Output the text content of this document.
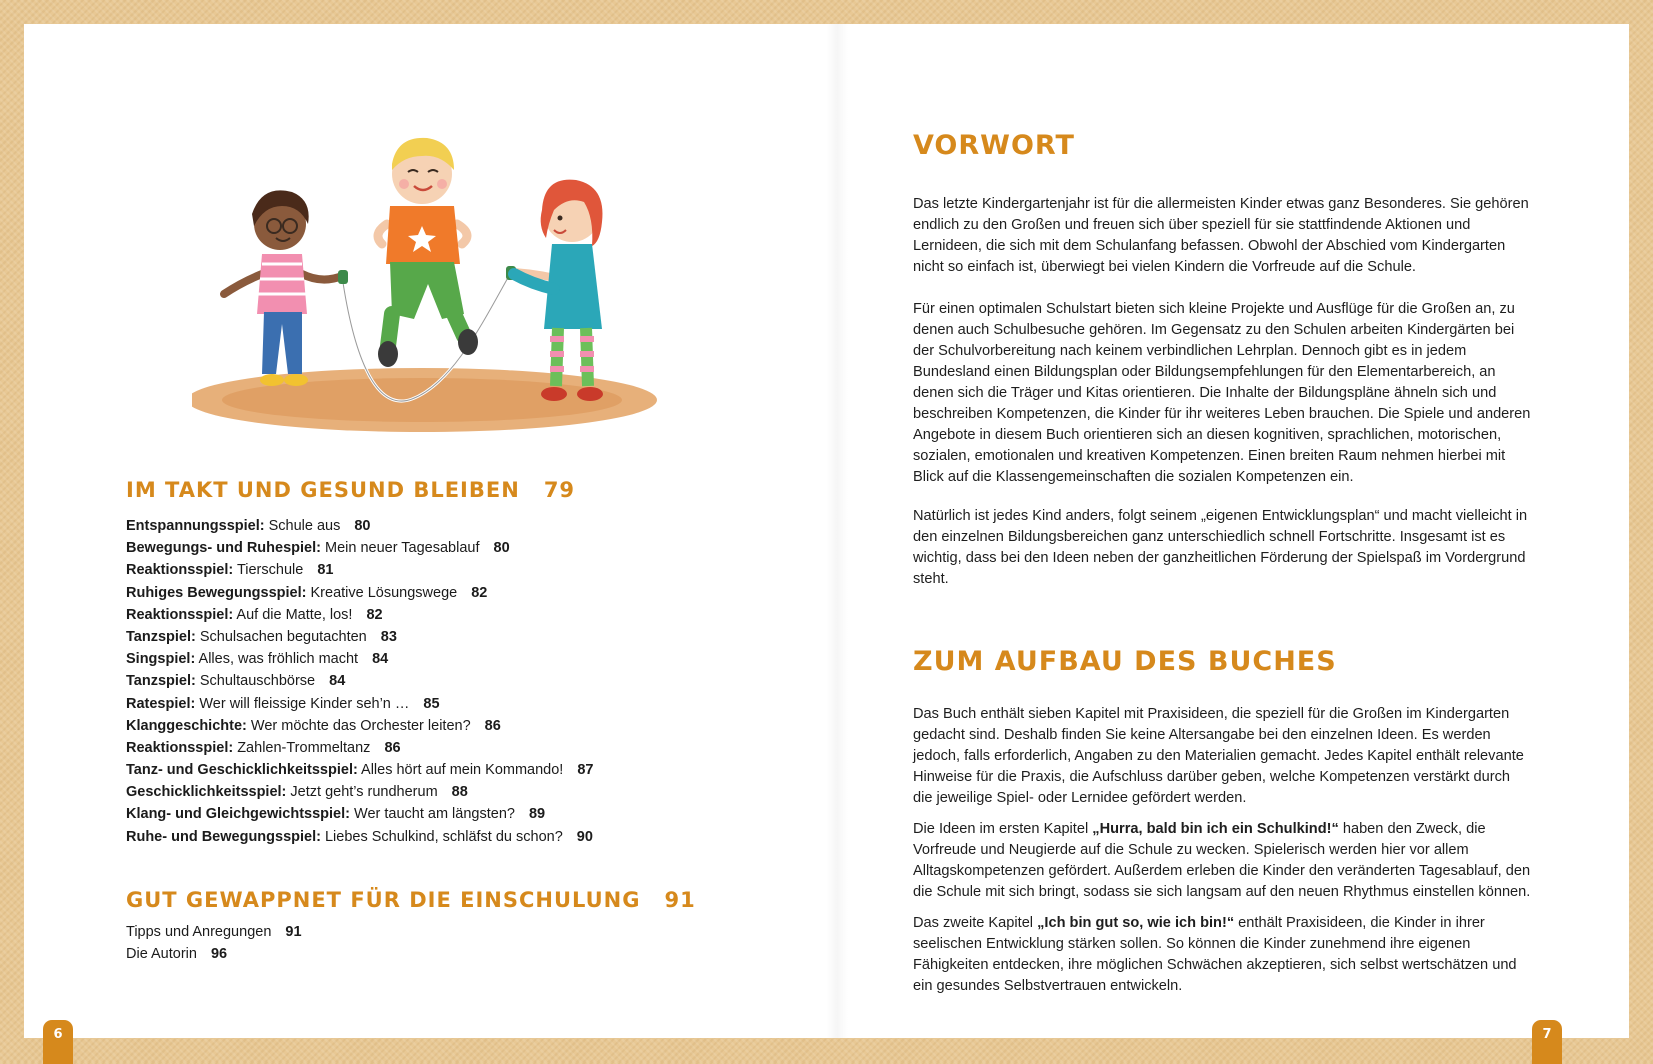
IM TAKT UND GESUND BLEIBEN 79
Entspannungsspiel: Schule aus 80
Bewegungs- und Ruhespiel: Mein neuer Tagesablauf 80
Reaktionsspiel: Tierschule 81
Ruhiges Bewegungsspiel: Kreative Lösungswege 82
Reaktionsspiel: Auf die Matte, los! 82
Tanzspiel: Schulsachen begutachten 83
Singspiel: Alles, was fröhlich macht 84
Tanzspiel: Schultauschbörse 84
Ratespiel: Wer will fleissige Kinder seh’n … 85
Klanggeschichte: Wer möchte das Orchester leiten? 86
Reaktionsspiel: Zahlen-Trommeltanz 86
Tanz- und Geschicklichkeitsspiel: Alles hört auf mein Kommando! 87
Geschicklichkeitsspiel: Jetzt geht’s rundherum 88
Klang- und Gleichgewichtsspiel: Wer taucht am längsten? 89
Ruhe- und Bewegungsspiel: Liebes Schulkind, schläfst du schon? 90
GUT GEWAPPNET FÜR DIE EINSCHULUNG 91
Tipps und Anregungen 91
Die Autorin 96
VORWORT

Das letzte Kindergartenjahr ist für die allermeisten Kinder etwas ganz Besonderes. Sie gehören endlich zu den Großen und freuen sich über speziell für sie stattfindende Aktionen und Lernideen, die sich mit dem Schulanfang befassen. Obwohl der Abschied vom Kindergarten nicht so einfach ist, überwiegt bei vielen Kindern die Vorfreude auf die Schule.

Für einen optimalen Schulstart bieten sich kleine Projekte und Ausflüge für die Großen an, zu denen auch Schulbesuche gehören. Im Gegensatz zu den Schulen arbeiten Kindergärten bei der Schulvorbereitung nach keinem verbindlichen Lehrplan. Dennoch gibt es in jedem Bundesland einen Bildungsplan oder Bildungsempfehlungen für den Elementarbereich, an denen sich die Träger und Kitas orientieren. Die Inhalte der Bildungspläne ähneln sich und beschreiben Kompetenzen, die Kinder für ihr weiteres Leben brauchen. Die Spiele und anderen Angebote in diesem Buch orientieren sich an diesen kognitiven, sprachlichen, motorischen, sozialen, emotionalen und kreativen Kompetenzen. Einen breiten Raum nehmen hierbei mit Blick auf die Klassengemeinschaften die sozialen Kompetenzen ein.

Natürlich ist jedes Kind anders, folgt seinem „eigenen Entwicklungsplan“ und macht vielleicht in den einzelnen Bildungsbereichen ganz unterschiedlich schnell Fortschritte. Insgesamt ist es wichtig, dass bei den Ideen neben der ganzheitlichen Förderung der Spielspaß im Vordergrund steht.

ZUM AUFBAU DES BUCHES

Das Buch enthält sieben Kapitel mit Praxisideen, die speziell für die Großen im Kindergarten gedacht sind. Deshalb finden Sie keine Altersangabe bei den einzelnen Ideen. Es werden jedoch, falls erforderlich, Angaben zu den Materialien gemacht. Jedes Kapitel enthält relevante Hinweise für die Praxis, die Aufschluss darüber geben, welche Kompetenzen verstärkt durch die jeweilige Spiel- oder Lernidee gefördert werden.

Die Ideen im ersten Kapitel „Hurra, bald bin ich ein Schulkind!“ haben den Zweck, die Vorfreude und Neugierde auf die Schule zu wecken. Spielerisch werden hier vor allem Alltagskompetenzen gefördert. Außerdem erleben die Kinder den veränderten Tagesablauf, den die Schule mit sich bringt, sodass sie sich langsam auf den neuen Rhythmus einstellen können.

Das zweite Kapitel „Ich bin gut so, wie ich bin!“ enthält Praxisideen, die Kinder in ihrer seelischen Entwicklung stärken sollen. So können die Kinder zunehmend ihre eigenen Fähigkeiten entdecken, ihre möglichen Schwächen akzeptieren, sich selbst wertschätzen und ein gesundes Selbstvertrauen entwickeln.

6	7
